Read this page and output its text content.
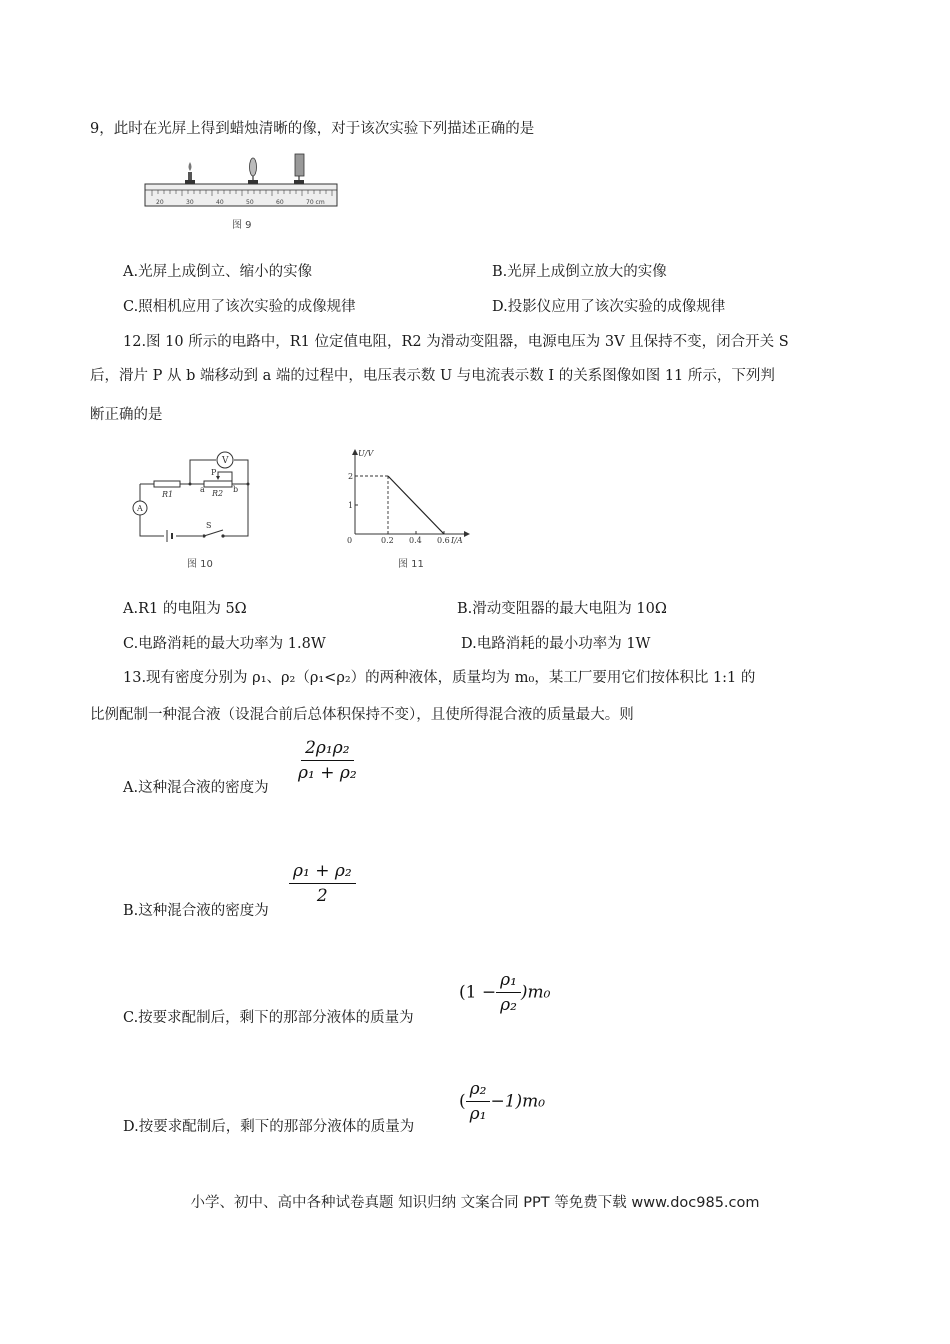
9，此时在光屏上得到蜡烛清晰的像，对于该次实验下列描述正确的是
20	30	40	50	60	70 cm
图 9
A.光屏上成倒立、缩小的实像	B.光屏上成倒立放大的实像
C.照相机应用了该次实验的成像规律	D.投影仪应用了该次实验的成像规律
12.图 10 所示的电路中，R1 位定值电阻，R2 为滑动变阻器，电源电压为 3V 且保持不变，闭合开关 S
后，滑片 P 从 b 端移动到 a 端的过程中，电压表示数 U 与电流表示数 I 的关系图像如图 11 所示，下列判
断正确的是
V
A
R1	R2
P
a	b
S
图 10
U/V
I/A
0
1
2
0.2 0.4 0.6
图 11
A.R1 的电阻为 5Ω	B.滑动变阻器的最大电阻为 10Ω
C.电路消耗的最大功率为 1.8W	D.电路消耗的最小功率为 1W
13.现有密度分别为 ρ₁、ρ₂（ρ₁<ρ₂）的两种液体，质量均为 m₀，某工厂要用它们按体积比 1:1 的
比例配制一种混合液（设混合前后总体积保持不变），且使所得混合液的质量最大。则
A.这种混合液的密度为
$\frac{\text{2ρ₁ρ₂}}{\text{ρ₁ + ρ₂}}$
B.这种混合液的密度为
$\frac{\text{ρ₁ + ρ₂}}{2}$
C.按要求配制后，剩下的那部分液体的质量为
$(1 - \frac{\text{ρ₁}}{\text{ρ₂}} )m_0$
D.按要求配制后，剩下的那部分液体的质量为
( $\frac{\text{ρ₂}}{\text{ρ₁}} -1)m_0$
小学、初中、高中各种试卷真题 知识归纳 文案合同 PPT 等免费下载 www.doc985.com
